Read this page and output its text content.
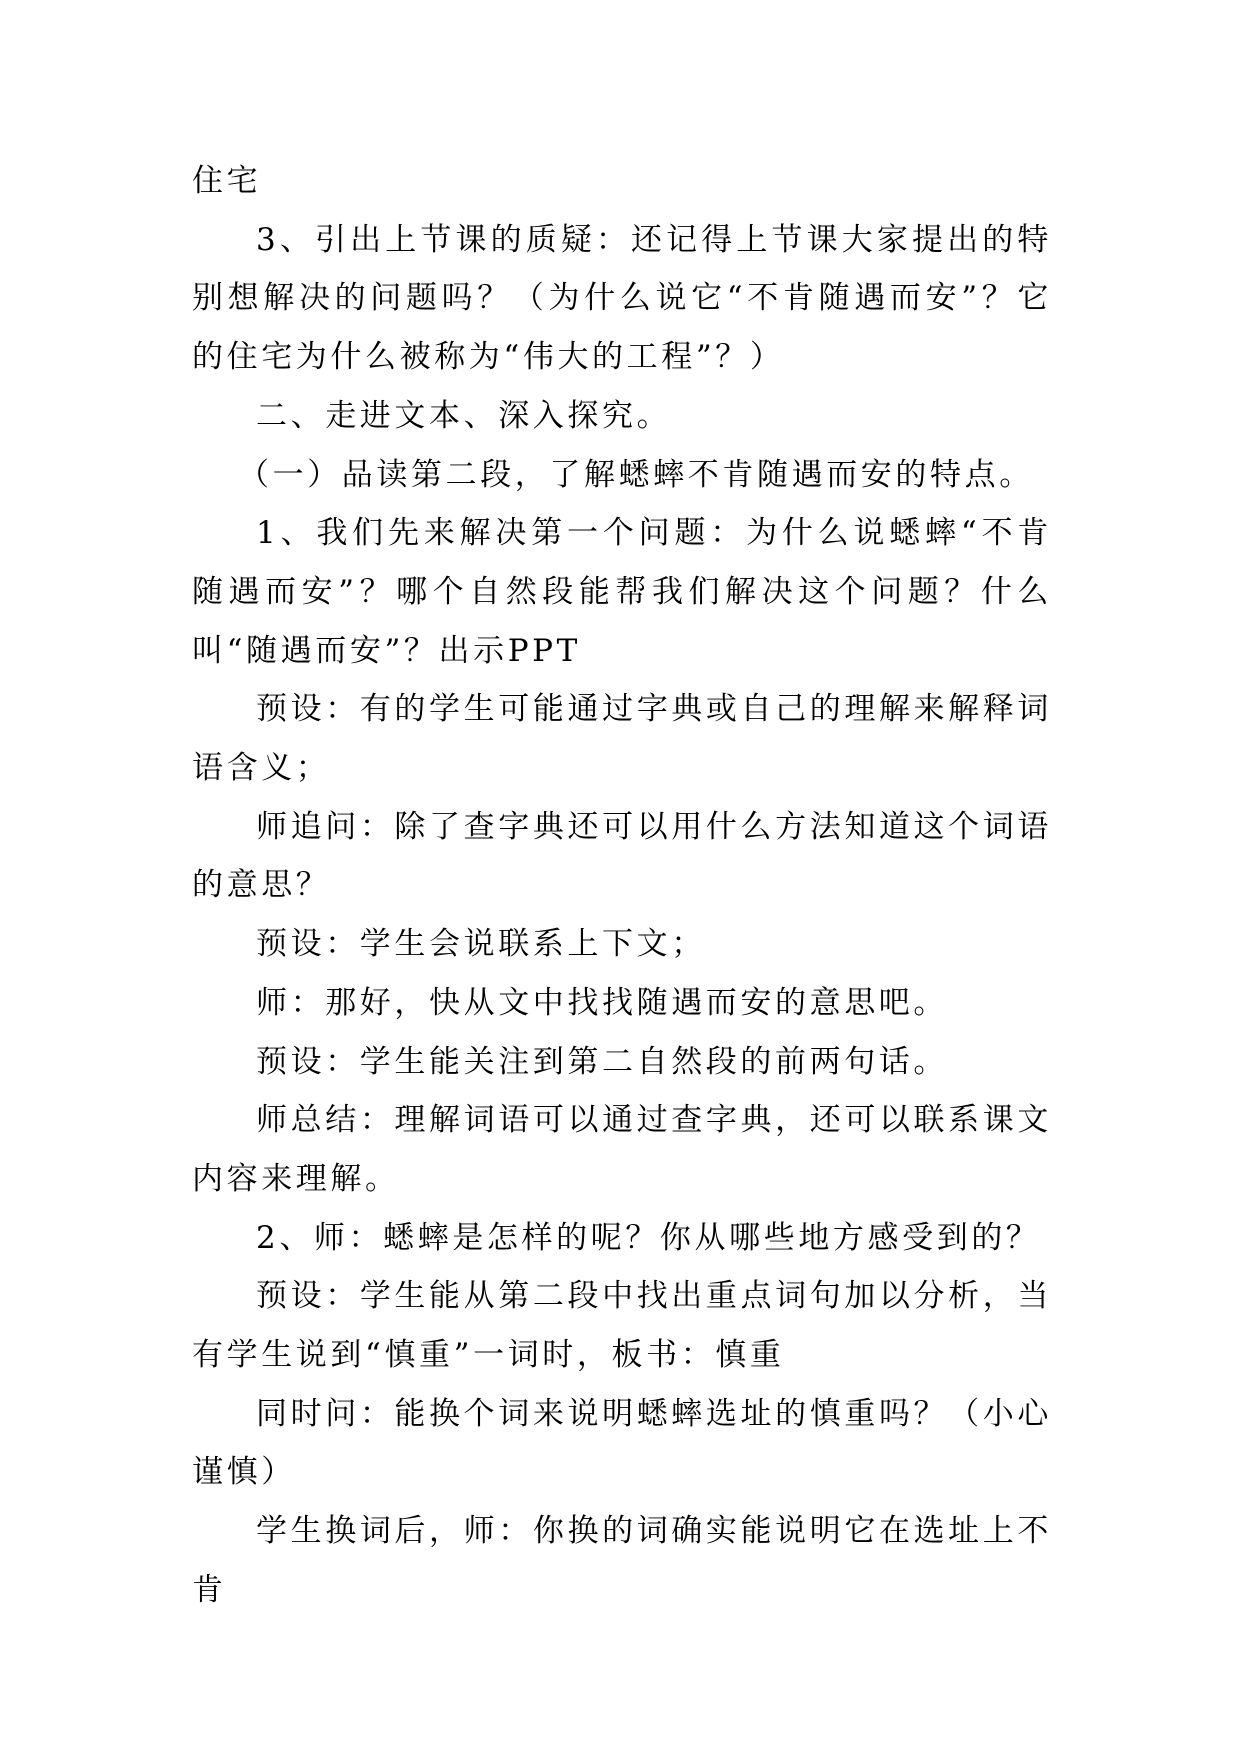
住宅

3、引出上节课的质疑：还记得上节课大家提出的特别想解决的问题吗？（为什么说它“不肯随遇而安”？它的住宅为什么被称为“伟大的工程”？）

二、走进文本、深入探究。

（一）品读第二段，了解蟋蟀不肯随遇而安的特点。

1、我们先来解决第一个问题：为什么说蟋蟀“不肯随遇而安”？哪个自然段能帮我们解决这个问题？什么叫“随遇而安”？出示PPT

预设：有的学生可能通过字典或自己的理解来解释词语含义；

师追问：除了查字典还可以用什么方法知道这个词语的意思？

预设：学生会说联系上下文；

师：那好，快从文中找找随遇而安的意思吧。

预设：学生能关注到第二自然段的前两句话。

师总结：理解词语可以通过查字典，还可以联系课文内容来理解。

2、师：蟋蟀是怎样的呢？你从哪些地方感受到的？

预设：学生能从第二段中找出重点词句加以分析，当有学生说到“慎重”一词时，板书：慎重

同时问：能换个词来说明蟋蟀选址的慎重吗？（小心谨慎）

学生换词后，师：你换的词确实能说明它在选址上不肯
